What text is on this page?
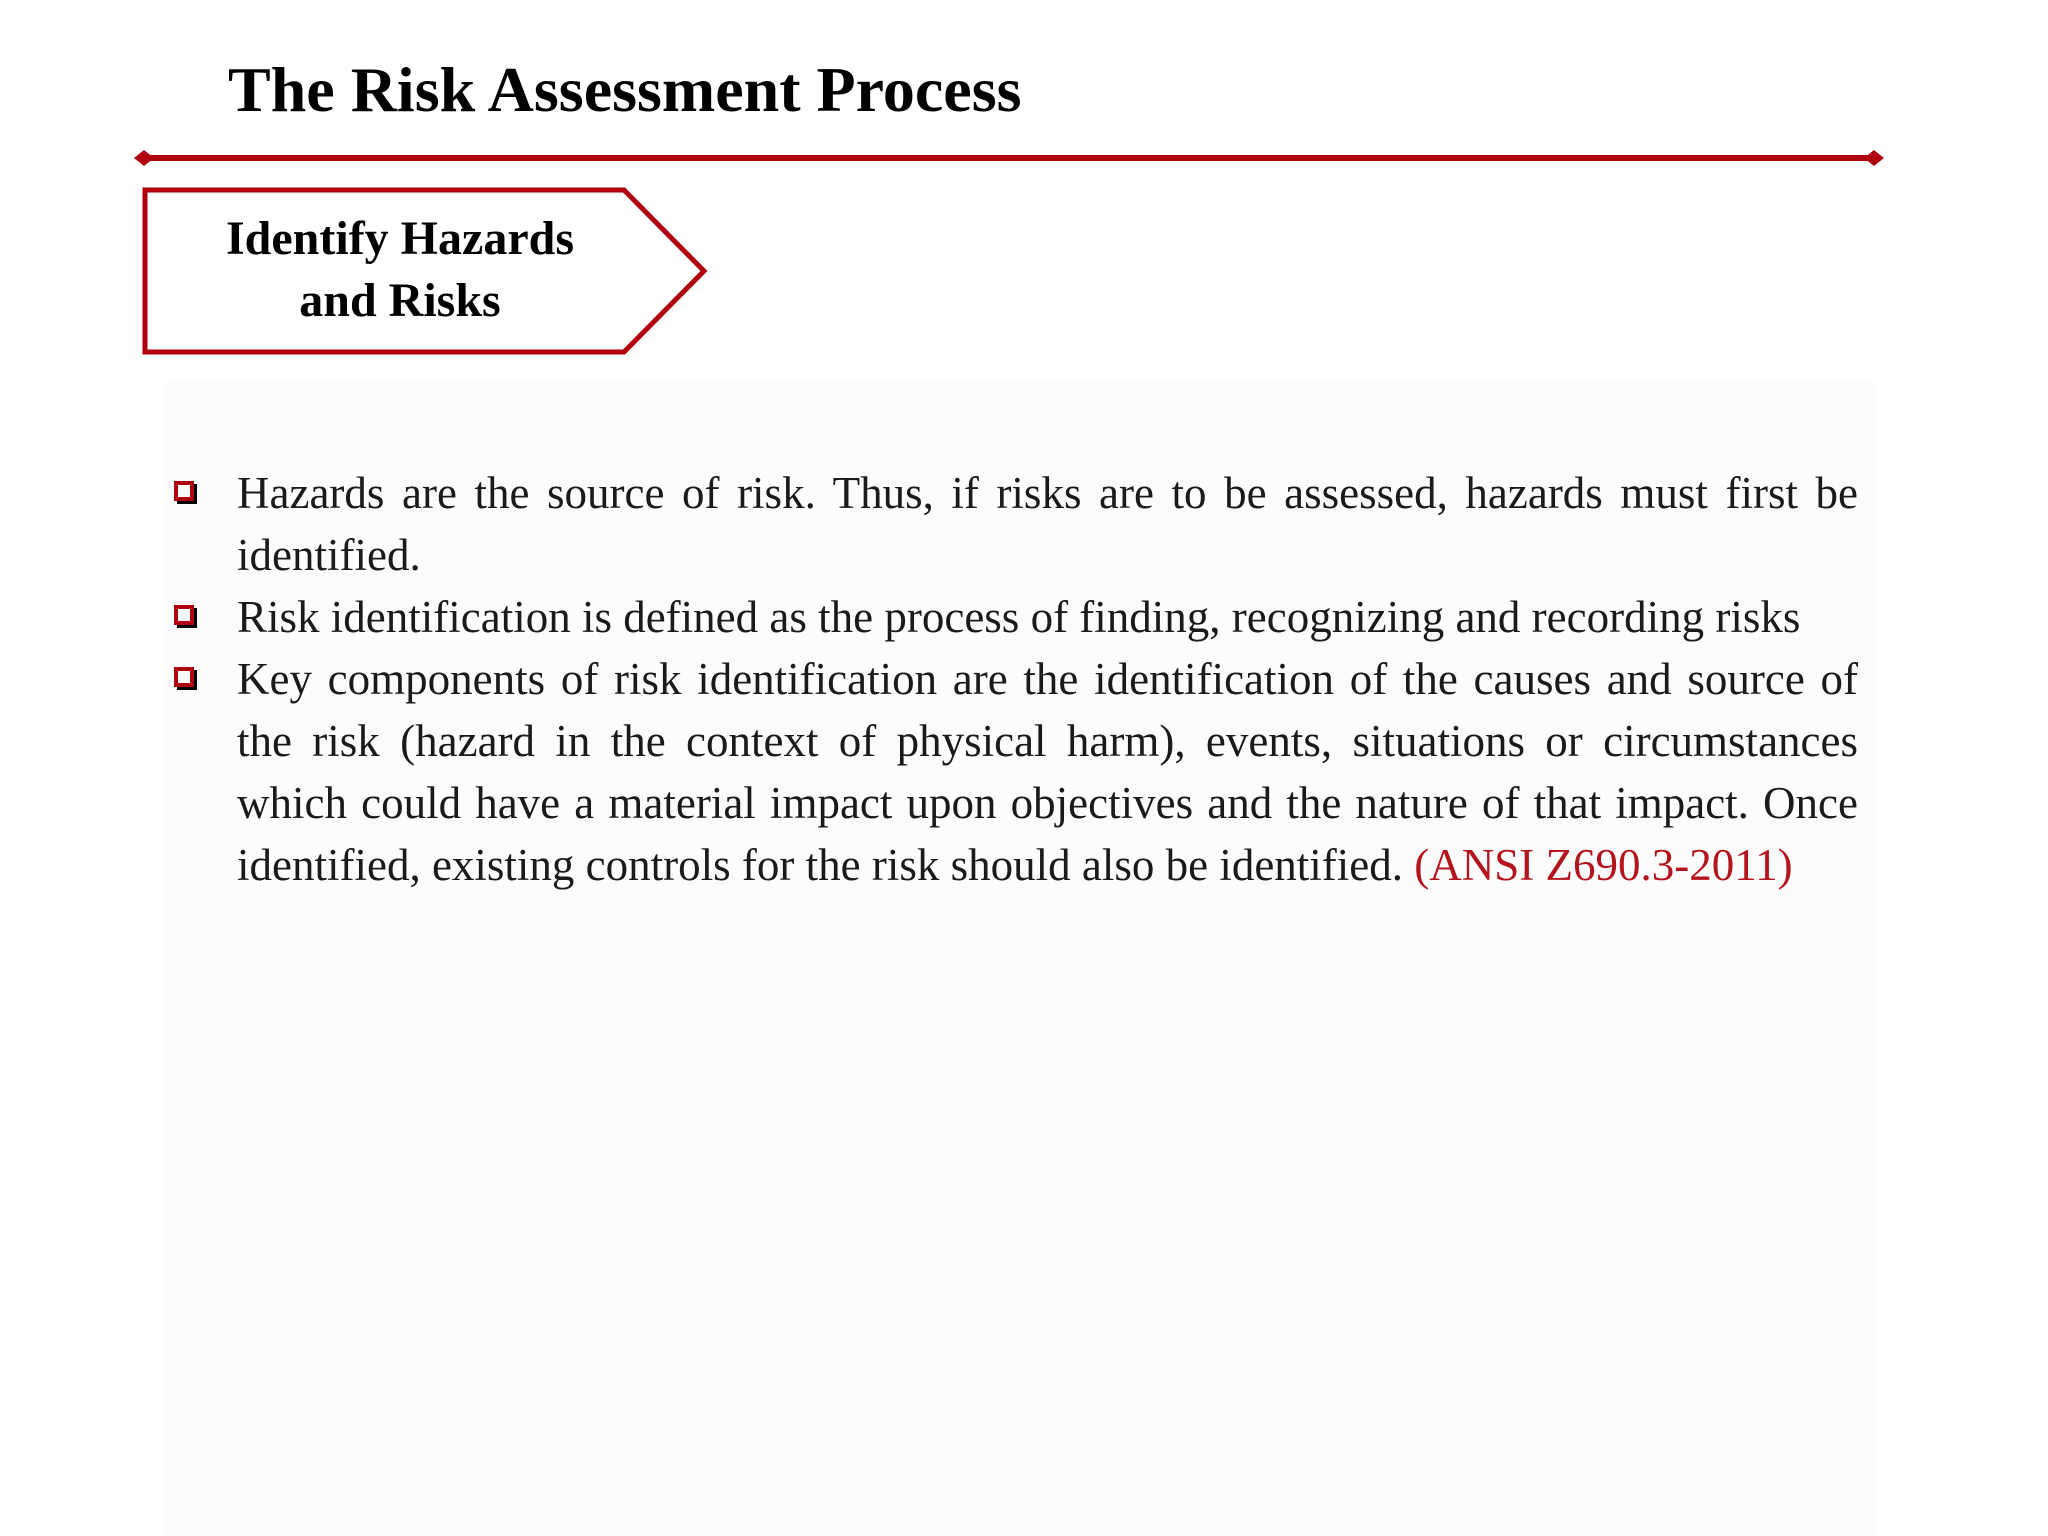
The Risk Assessment Process
Identify Hazards
and Risks
Hazards are the source of risk. Thus, if risks are to be assessed, hazards must first be identified.
Risk identification is defined as the process of finding, recognizing and recording risks
Key components of risk identification are the identification of the causes and source of the risk (hazard in the context of physical harm), events, situations or circumstances which could have a material impact upon objectives and the nature of that impact. Once identified, existing controls for the risk should also be identified. (ANSI Z690.3-2011)
